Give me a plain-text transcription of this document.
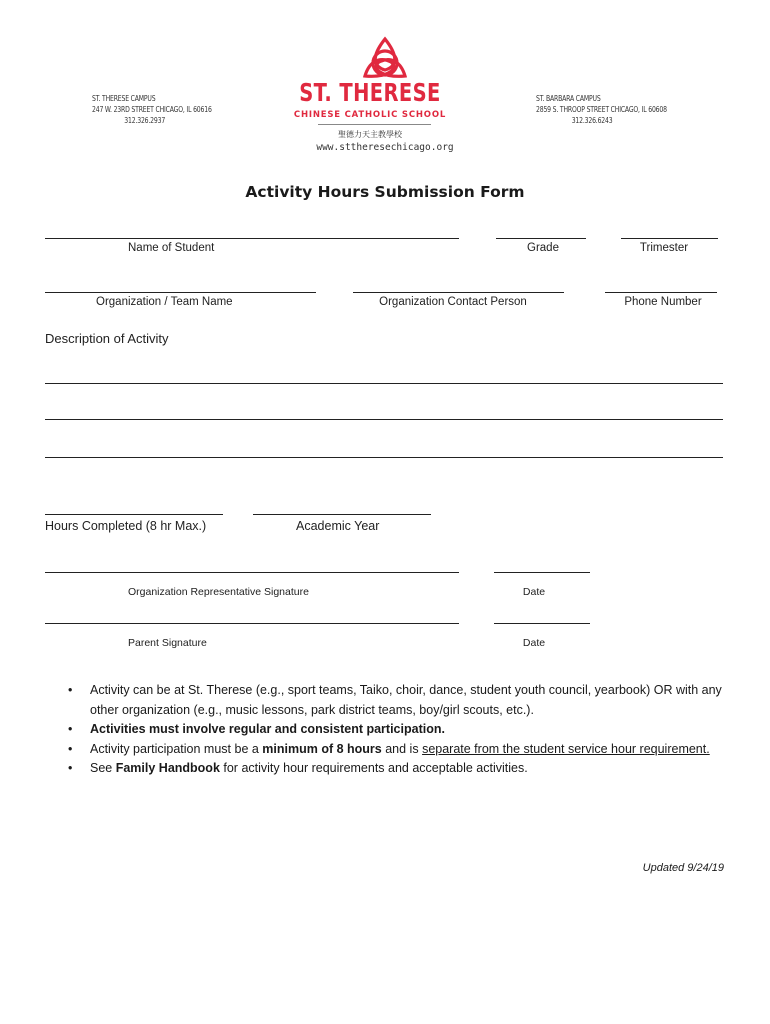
ST. THERESE CAMPUS
247 W. 23RD STREET CHICAGO, IL 60616
312.326.2937
ST. BARBARA CAMPUS
2859 S. THROOP STREET CHICAGO, IL 60608
312.326.6243
ST. THERESE
CHINESE CATHOLIC SCHOOL
聖德力天主教學校
www.sttheresechicago.org
Activity Hours Submission Form
Name of Student	Grade	Trimester
Organization / Team Name	Organization Contact Person	Phone Number
Description of Activity
Hours Completed (8 hr Max.)	Academic Year
Organization Representative Signature	Date
Parent Signature	Date
• Activity can be at St. Therese (e.g., sport teams, Taiko, choir, dance, student youth council, yearbook) OR with any other organization (e.g., music lessons, park district teams, boy/girl scouts, etc.).
• Activities must involve regular and consistent participation.
• Activity participation must be a minimum of 8 hours and is separate from the student service hour requirement.
• See Family Handbook for activity hour requirements and acceptable activities.
Updated 9/24/19
